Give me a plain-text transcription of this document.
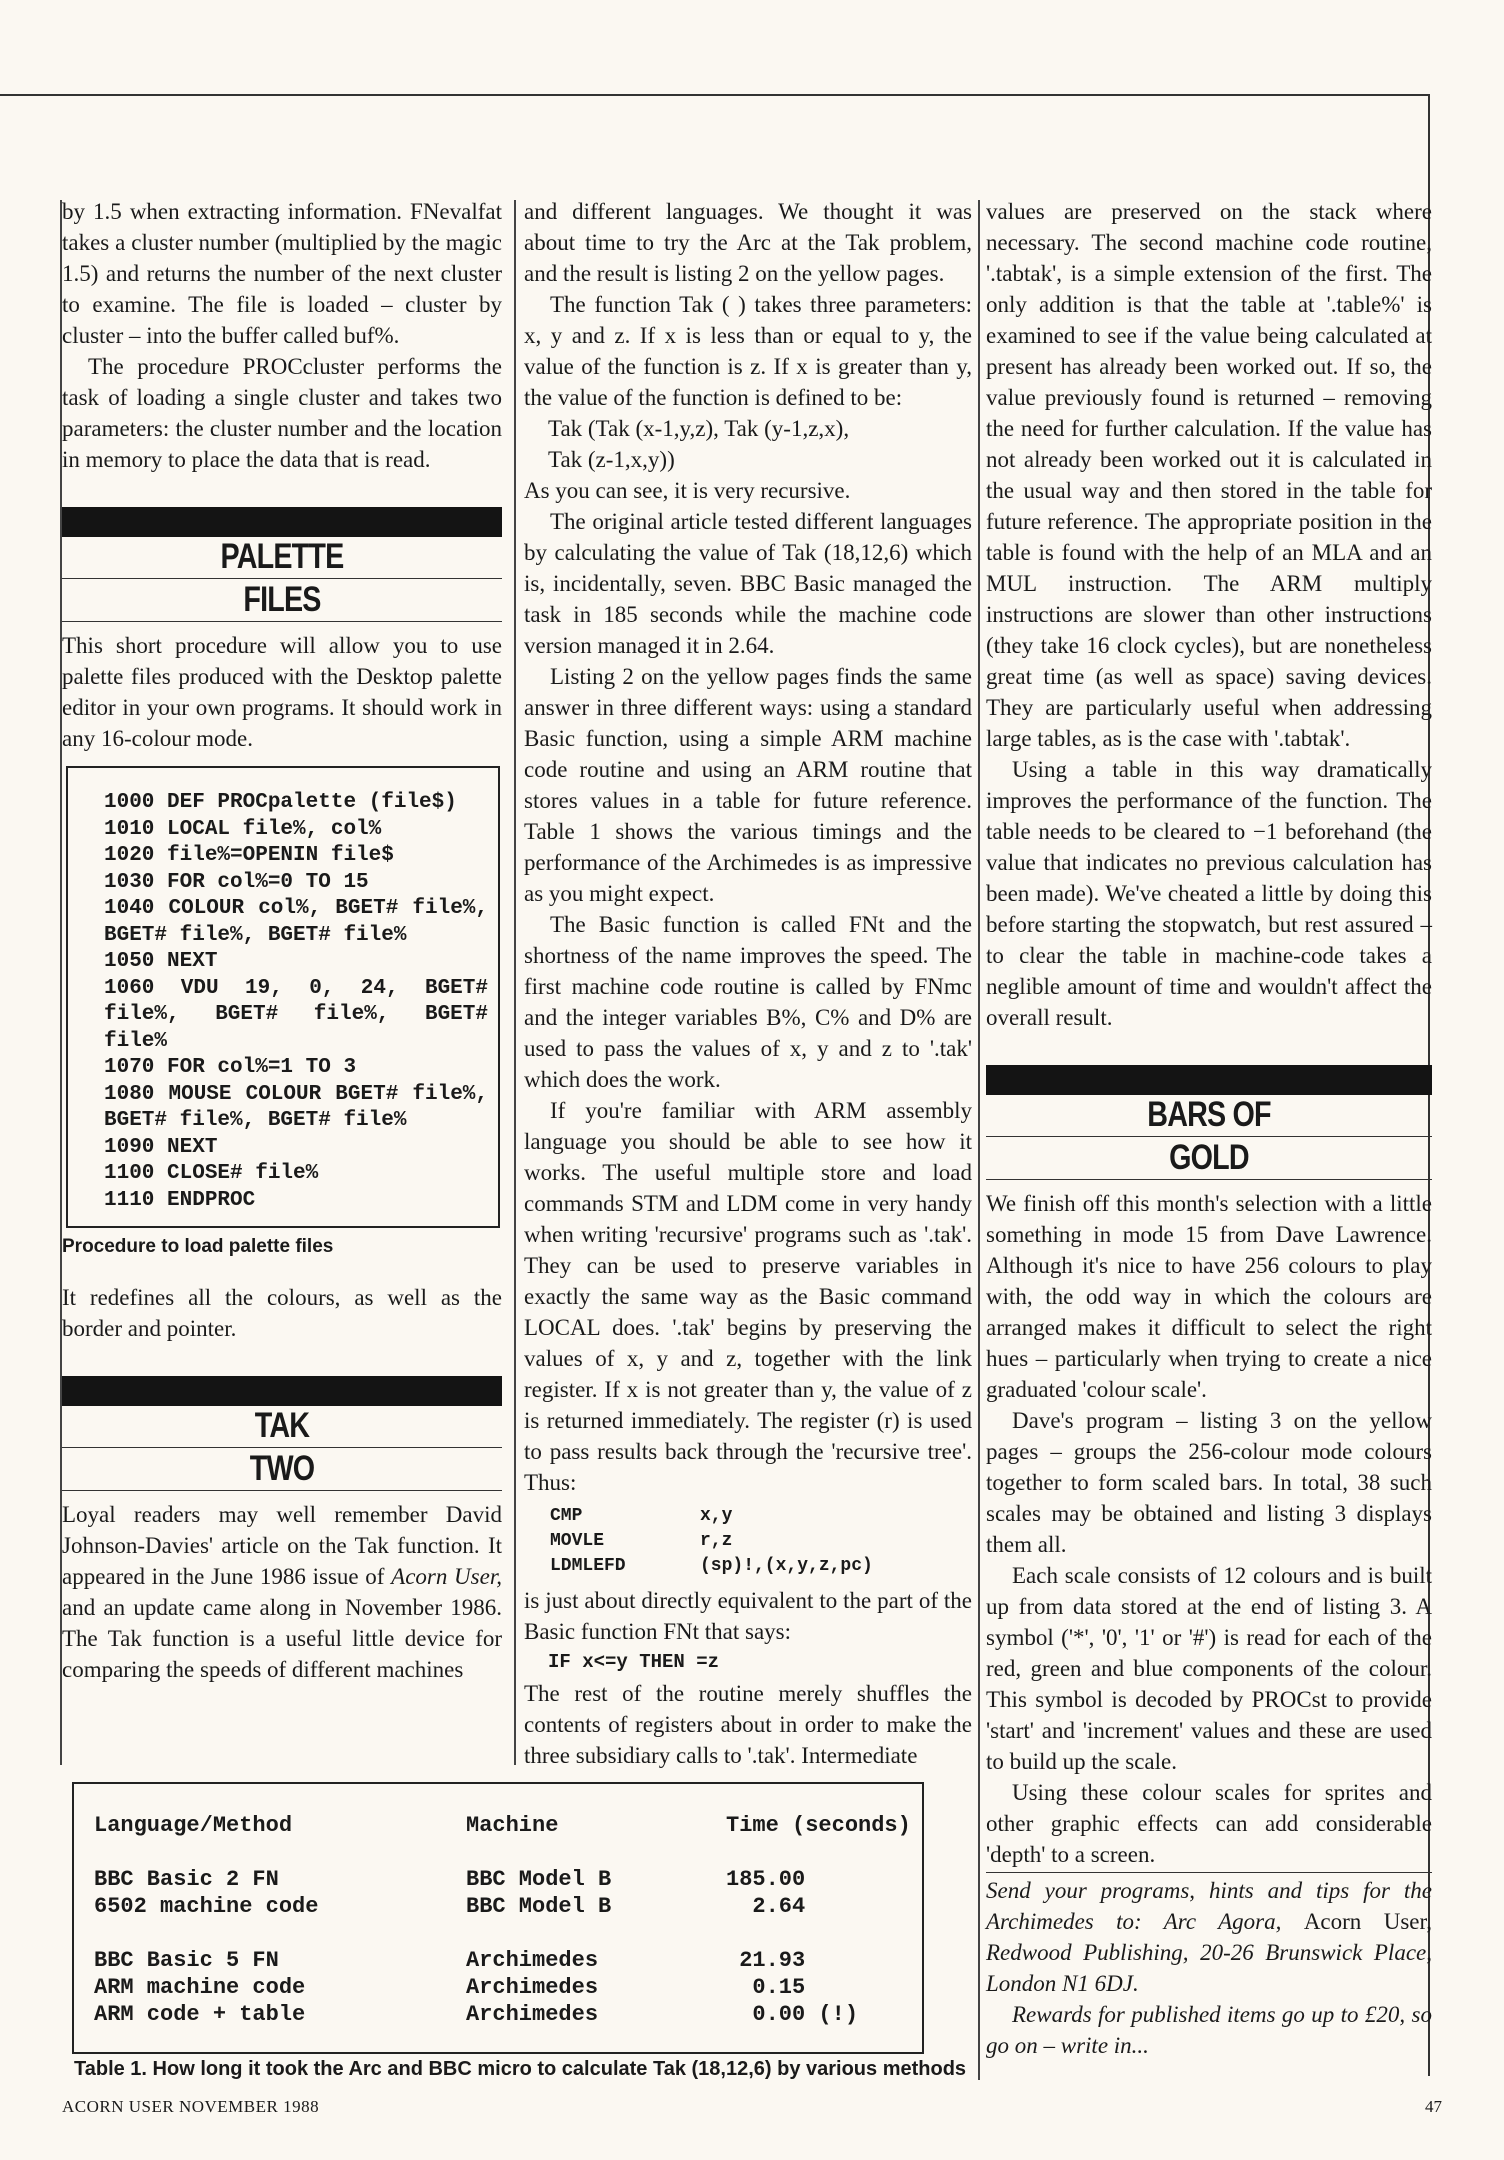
by 1.5 when extracting information. FNevalfat takes a cluster number (multiplied by the magic 1.5) and returns the number of the next cluster to examine. The file is loaded – cluster by cluster – into the buffer called buf%.

The procedure PROCcluster performs the task of loading a single cluster and takes two parameters: the cluster number and the location in memory to place the data that is read.

PALETTE
FILES

This short procedure will allow you to use palette files produced with the Desktop palette editor in your own programs. It should work in any 16-colour mode.

1000 DEF PROCpalette (file$)
1010 LOCAL file%, col%
1020 file%=OPENIN file$
1030 FOR col%=0 TO 15
1040 COLOUR col%, BGET# file%, BGET# file%, BGET# file%
1050 NEXT
1060 VDU 19, 0, 24, BGET# file%, BGET# file%, BGET# file%
1070 FOR col%=1 TO 3
1080 MOUSE COLOUR BGET# file%, BGET# file%, BGET# file%
1090 NEXT
1100 CLOSE# file%
1110 ENDPROC
Procedure to load palette files

It redefines all the colours, as well as the border and pointer.

TAK
TWO

Loyal readers may well remember David Johnson-Davies' article on the Tak function. It appeared in the June 1986 issue of Acorn User, and an update came along in November 1986. The Tak function is a useful little device for comparing the speeds of different machines

and different languages. We thought it was about time to try the Arc at the Tak problem, and the result is listing 2 on the yellow pages.

The function Tak ( ) takes three parameters: x, y and z. If x is less than or equal to y, the value of the function is z. If x is greater than y, the value of the function is defined to be:

Tak (Tak (x-1,y,z), Tak (y-1,z,x),

Tak (z-1,x,y))

As you can see, it is very recursive.

The original article tested different languages by calculating the value of Tak (18,12,6) which is, incidentally, seven. BBC Basic managed the task in 185 seconds while the machine code version managed it in 2.64.

Listing 2 on the yellow pages finds the same answer in three different ways: using a standard Basic function, using a simple ARM machine code routine and using an ARM routine that stores values in a table for future reference. Table 1 shows the various timings and the performance of the Archimedes is as impressive as you might expect.

The Basic function is called FNt and the shortness of the name improves the speed. The first machine code routine is called by FNmc and the integer variables B%, C% and D% are used to pass the values of x, y and z to '.tak' which does the work.

If you're familiar with ARM assembly language you should be able to see how it works. The useful multiple store and load commands STM and LDM come in very handy when writing 'recursive' programs such as '.tak'. They can be used to preserve variables in exactly the same way as the Basic command LOCAL does. '.tak' begins by preserving the values of x, y and z, together with the link register. If x is not greater than y, the value of z is returned immediately. The register (r) is used to pass results back through the 'recursive tree'. Thus:

CMP	x,y
MOVLE	r,z
LDMLEFD	(sp)!,(x,y,z,pc)

is just about directly equivalent to the part of the Basic function FNt that says:

IF x<=y THEN =z

The rest of the routine merely shuffles the contents of registers about in order to make the three subsidiary calls to '.tak'. Intermediate

values are preserved on the stack where necessary. The second machine code routine, '.tabtak', is a simple extension of the first. The only addition is that the table at '.table%' is examined to see if the value being calculated at present has already been worked out. If so, the value previously found is returned – removing the need for further calculation. If the value has not already been worked out it is calculated in the usual way and then stored in the table for future reference. The appropriate position in the table is found with the help of an MLA and an MUL instruction. The ARM multiply instructions are slower than other instructions (they take 16 clock cycles), but are nonetheless great time (as well as space) saving devices. They are particularly useful when addressing large tables, as is the case with '.tabtak'.

Using a table in this way dramatically improves the performance of the function. The table needs to be cleared to −1 beforehand (the value that indicates no previous calculation has been made). We've cheated a little by doing this before starting the stopwatch, but rest assured – to clear the table in machine-code takes a neglible amount of time and wouldn't affect the overall result.

BARS OF
GOLD

We finish off this month's selection with a little something in mode 15 from Dave Lawrence. Although it's nice to have 256 colours to play with, the odd way in which the colours are arranged makes it difficult to select the right hues – particularly when trying to create a nice graduated 'colour scale'.

Dave's program – listing 3 on the yellow pages – groups the 256-colour mode colours together to form scaled bars. In total, 38 such scales may be obtained and listing 3 displays them all.

Each scale consists of 12 colours and is built up from data stored at the end of listing 3. A symbol ('*', '0', '1' or '#') is read for each of the red, green and blue components of the colour. This symbol is decoded by PROCst to provide 'start' and 'increment' values and these are used to build up the scale.

Using these colour scales for sprites and other graphic effects can add considerable 'depth' to a screen.

Send your programs, hints and tips for the Archimedes to: Arc Agora, Acorn User, Redwood Publishing, 20-26 Brunswick Place, London N1 6DJ.

Rewards for published items go up to £20, so go on – write in...

Language/Method	Machine	Time (seconds)
BBC Basic 2 FN	BBC Model B	185.00
6502 machine code	BBC Model B	2.64
BBC Basic 5 FN	Archimedes	21.93
ARM machine code	Archimedes	0.15
ARM code + table	Archimedes	0.00 (!)
Table 1. How long it took the Arc and BBC micro to calculate Tak (18,12,6) by various methods
ACORN USER NOVEMBER 1988	47
